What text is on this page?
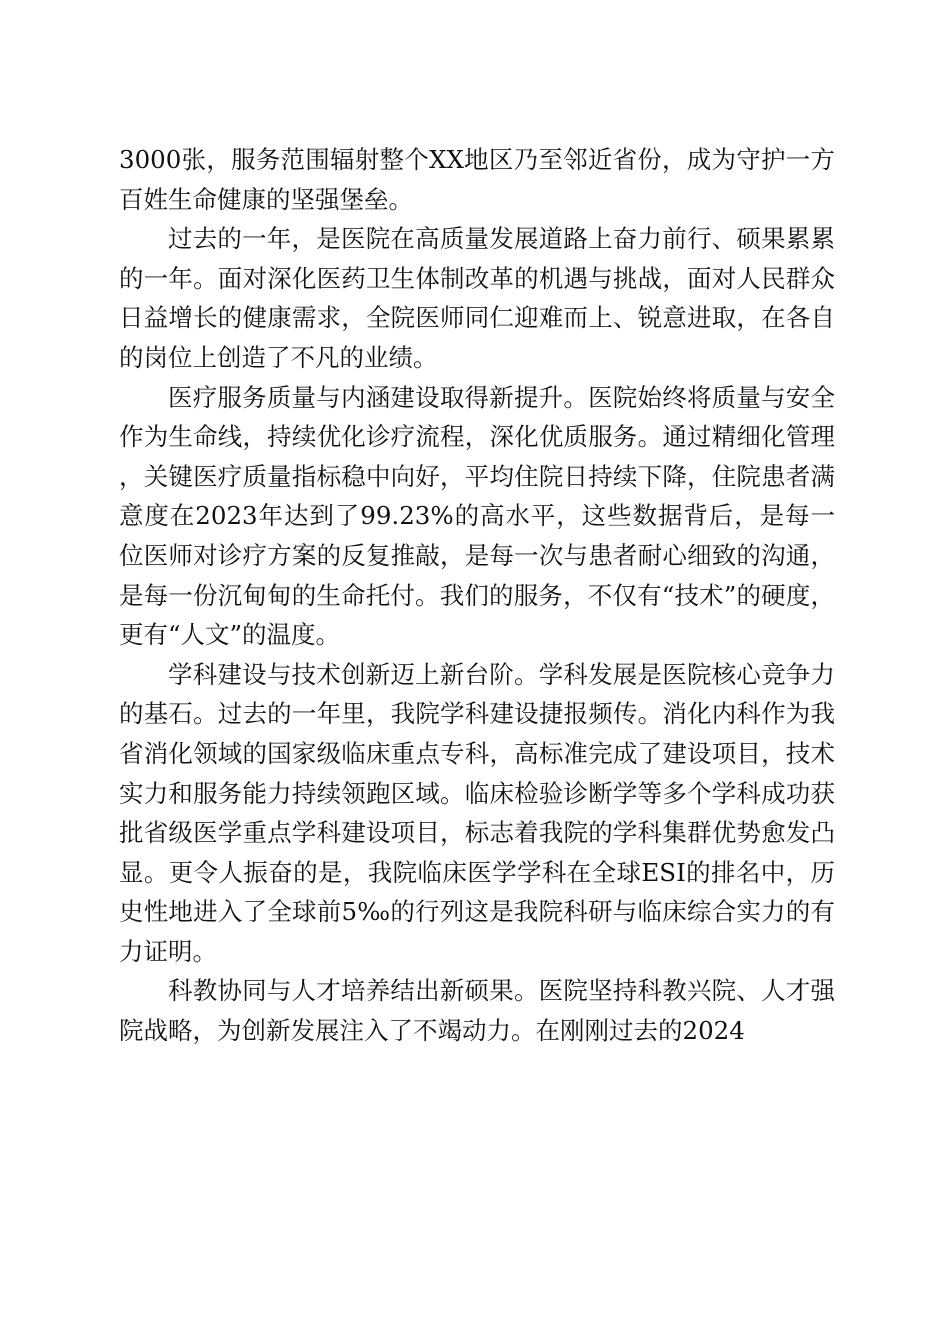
3000张，服务范围辐射整个XX地区乃至邻近省份，成为守护一方百姓生命健康的坚强堡垒。

过去的一年，是医院在高质量发展道路上奋力前行、硕果累累的一年。面对深化医药卫生体制改革的机遇与挑战，面对人民群众日益增长的健康需求，全院医师同仁迎难而上、锐意进取，在各自的岗位上创造了不凡的业绩。

医疗服务质量与内涵建设取得新提升。医院始终将质量与安全作为生命线，持续优化诊疗流程，深化优质服务。通过精细化管理，关键医疗质量指标稳中向好，平均住院日持续下降，住院患者满意度在2023年达到了99.23%的高水平，这些数据背后，是每一位医师对诊疗方案的反复推敲，是每一次与患者耐心细致的沟通，是每一份沉甸甸的生命托付。我们的服务，不仅有“技术”的硬度，更有“人文”的温度。

学科建设与技术创新迈上新台阶。学科发展是医院核心竞争力的基石。过去的一年里，我院学科建设捷报频传。消化内科作为我省消化领域的国家级临床重点专科，高标准完成了建设项目，技术实力和服务能力持续领跑区域。临床检验诊断学等多个学科成功获批省级医学重点学科建设项目，标志着我院的学科集群优势愈发凸显。更令人振奋的是，我院临床医学学科在全球ESI的排名中，历史性地进入了全球前5‰的行列这是我院科研与临床综合实力的有力证明。

科教协同与人才培养结出新硕果。医院坚持科教兴院、人才强院战略，为创新发展注入了不竭动力。在刚刚过去的2024
